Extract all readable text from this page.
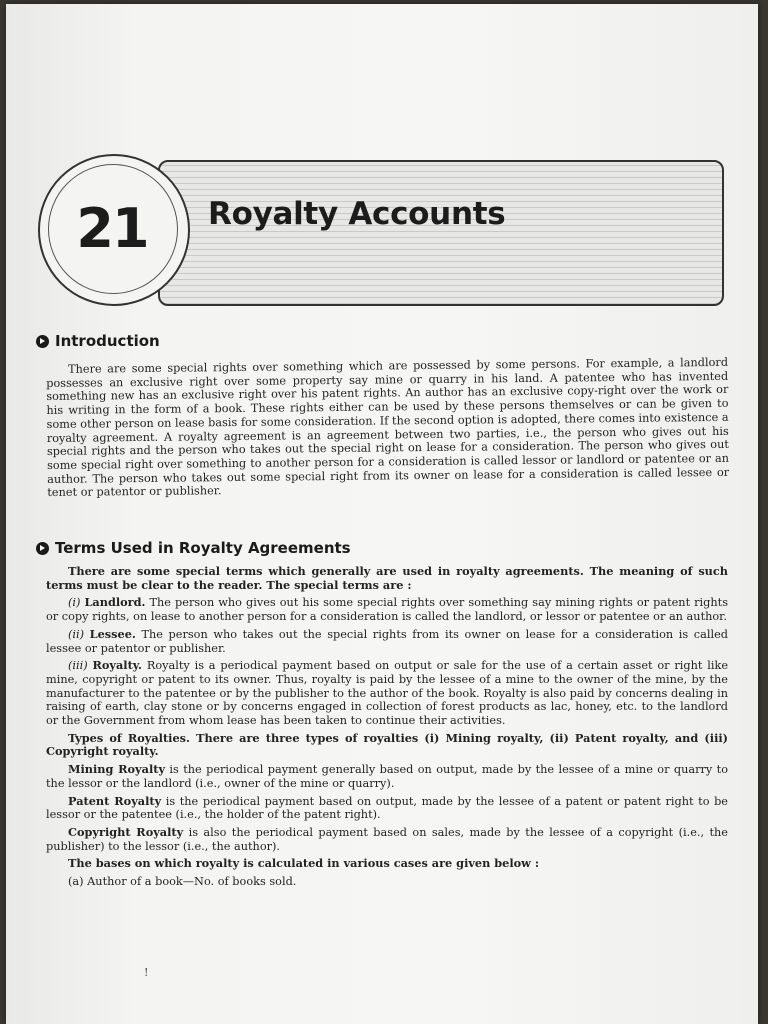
Royalty Accounts
21
Introduction

There are some special rights over something which are possessed by some persons. For example, a landlord possesses an exclusive right over some property say mine or quarry in his land. A patentee who has invented something new has an exclusive right over his patent rights. An author has an exclusive copy-right over the work or his writing in the form of a book. These rights either can be used by these persons themselves or can be given to some other person on lease basis for some consideration. If the second option is adopted, there comes into existence a royalty agreement. A royalty agreement is an agreement between two parties, i.e., the person who gives out his special rights and the person who takes out the special right on lease for a consideration. The person who gives out some special right over something to another person for a consideration is called lessor or landlord or patentee or an author. The person who takes out some special right from its owner on lease for a consideration is called lessee or tenet or patentor or publisher.

Terms Used in Royalty Agreements

There are some special terms which generally are used in royalty agreements. The meaning of such terms must be clear to the reader. The special terms are :

(i) Landlord. The person who gives out his some special rights over something say mining rights or patent rights or copy rights, on lease to another person for a consideration is called the landlord, or lessor or patentee or an author.

(ii) Lessee. The person who takes out the special rights from its owner on lease for a consideration is called lessee or patentor or publisher.

(iii) Royalty. Royalty is a periodical payment based on output or sale for the use of a certain asset or right like mine, copyright or patent to its owner. Thus, royalty is paid by the lessee of a mine to the owner of the mine, by the manufacturer to the patentee or by the publisher to the author of the book. Royalty is also paid by concerns dealing in raising of earth, clay stone or by concerns engaged in collection of forest products as lac, honey, etc. to the landlord or the Government from whom lease has been taken to continue their activities.

Types of Royalties. There are three types of royalties (i) Mining royalty, (ii) Patent royalty, and (iii) Copyright royalty.

Mining Royalty is the periodical payment generally based on output, made by the lessee of a mine or quarry to the lessor or the landlord (i.e., owner of the mine or quarry).

Patent Royalty is the periodical payment based on output, made by the lessee of a patent or patent right to be lessor or the patentee (i.e., the holder of the patent right).

Copyright Royalty is also the periodical payment based on sales, made by the lessee of a copyright (i.e., the publisher) to the lessor (i.e., the author).

The bases on which royalty is calculated in various cases are given below :

(a) Author of a book—No. of books sold.

!
